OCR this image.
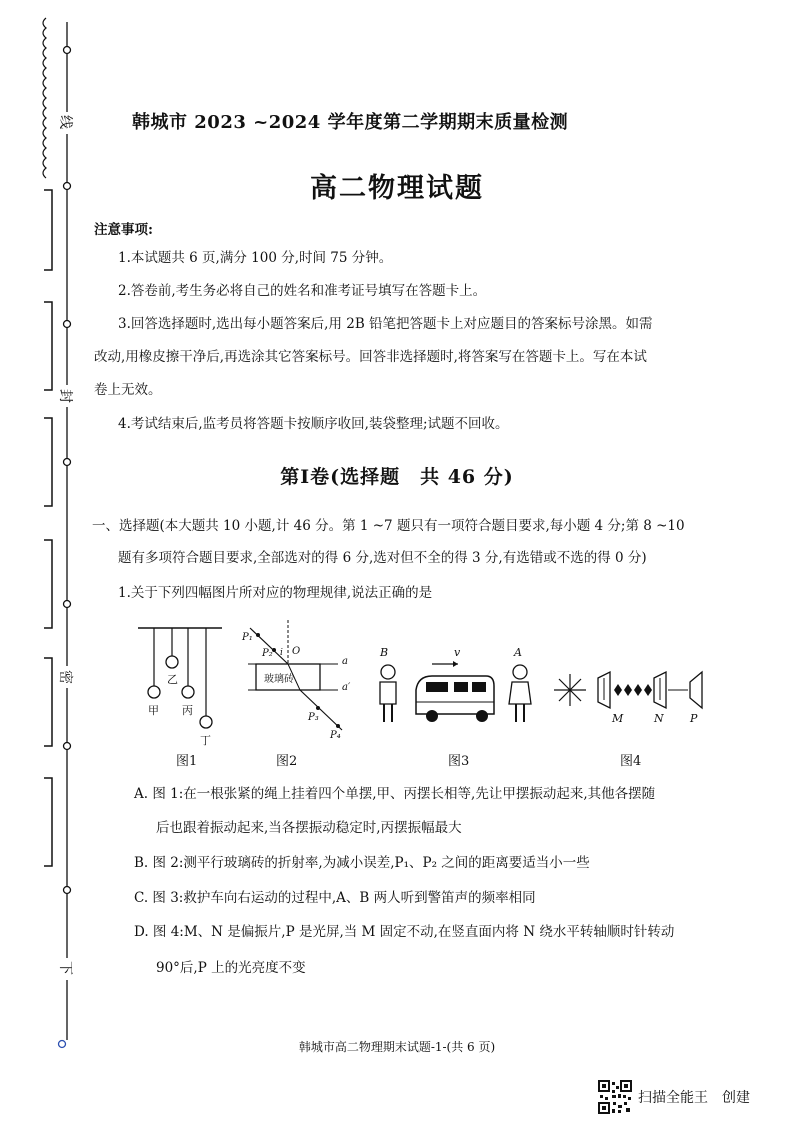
线
封
密
下
韩城市 2023 ~2024 学年度第二学期期末质量检测
高二物理试题
注意事项:
1.本试题共 6 页,满分 100 分,时间 75 分钟。
2.答卷前,考生务必将自己的姓名和准考证号填写在答题卡上。
3.回答选择题时,选出每小题答案后,用 2B 铅笔把答题卡上对应题目的答案标号涂黑。如需
改动,用橡皮擦干净后,再选涂其它答案标号。回答非选择题时,将答案写在答题卡上。写在本试
卷上无效。
4.考试结束后,监考员将答题卡按顺序收回,装袋整理;试题不回收。
第Ⅰ卷(选择题　共 46 分)
一、选择题(本大题共 10 小题,计 46 分。第 1 ~7 题只有一项符合题目要求,每小题 4 分;第 8 ~10
题有多项符合题目要求,全部选对的得 6 分,选对但不全的得 3 分,有选错或不选的得 0 分)
1.关于下列四幅图片所对应的物理规律,说法正确的是
乙
甲 丙
丁
P₁
P₂ i O
a
a′
玻璃砖
P₃
P₄
B	v	A
M	N P
图1	图2	图3	图4
A. 图 1:在一根张紧的绳上挂着四个单摆,甲、丙摆长相等,先让甲摆振动起来,其他各摆随
后也跟着振动起来,当各摆振动稳定时,丙摆振幅最大
B. 图 2:测平行玻璃砖的折射率,为减小误差,P₁、P₂ 之间的距离要适当小一些
C. 图 3:救护车向右运动的过程中,A、B 两人听到警笛声的频率相同
D. 图 4:M、N 是偏振片,P 是光屏,当 M 固定不动,在竖直面内将 N 绕水平转轴顺时针转动
90°后,P 上的光亮度不变
韩城市高二物理期末试题-1-(共 6 页)
扫描全能王　创建
